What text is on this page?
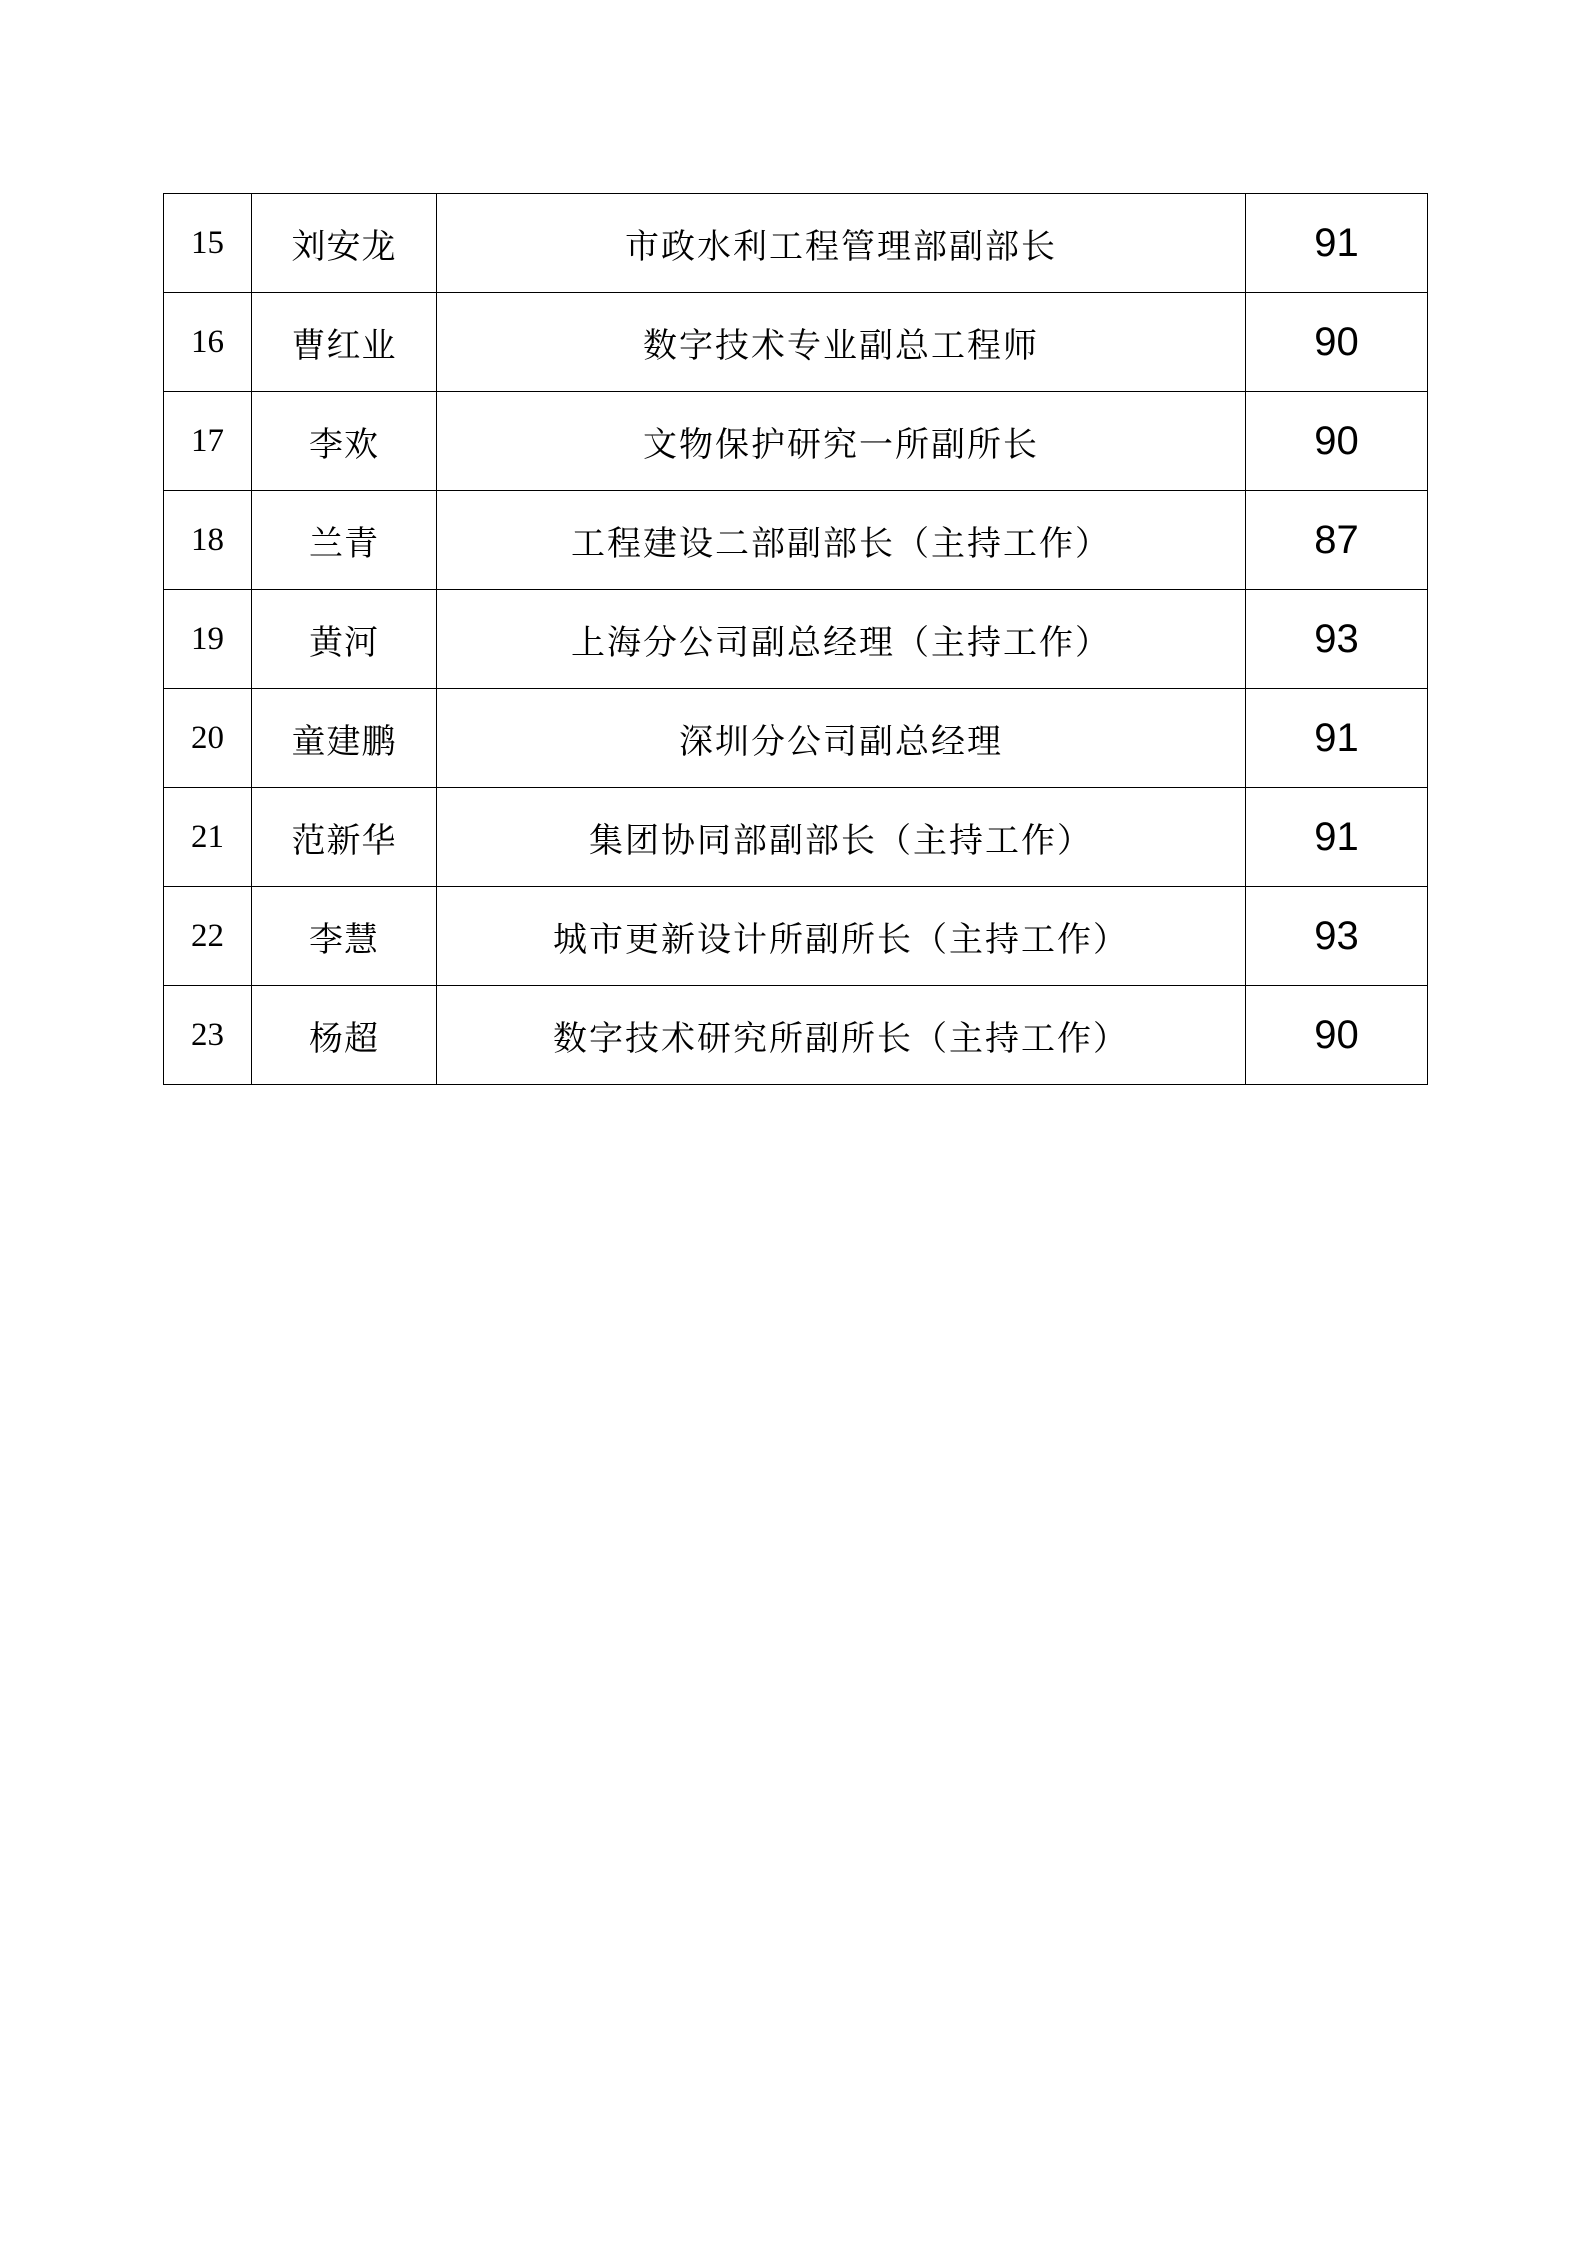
15	刘安龙	市政水利工程管理部副部长	91
16	曹红业	数字技术专业副总工程师	90
17	李欢	文物保护研究一所副所长	90
18	兰青	工程建设二部副部长（主持工作）	87
19	黄河	上海分公司副总经理（主持工作）	93
20	童建鹏	深圳分公司副总经理	91
21	范新华	集团协同部副部长（主持工作）	91
22	李慧	城市更新设计所副所长（主持工作）	93
23	杨超	数字技术研究所副所长（主持工作）	90
